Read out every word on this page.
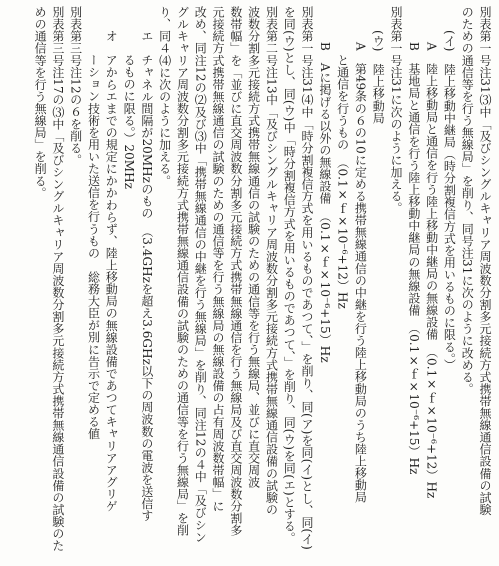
別表第一号注31⑶中「及びシングルキャリア周波数分割多元接続方式携帯無線通信設備の試験
のための通信等を行う無線局」を削り、同号注31に次のように改める。
(イ)　陸上移動中継局（時分割複信方式を用いるものに限る。）
A　陸上移動局と通信を行う陸上移動中継局の無線設備　（0.1×ｆ×10⁻⁶+12）Hz
B　基地局と通信を行う陸上移動中継局の無線設備　（0.1×ｆ×10⁻⁶+15）Hz
別表第一号注31に次のように加える。
(ウ)　陸上移動局
A　第49条の６の10に定める携帯無線通信の中継を行う陸上移動局のうち陸上移動局
と通信を行うもの　（0.1×ｆ×10⁻⁶+12）Hz
B　Aに掲げる以外の無線設備　（0.1×ｆ×10⁻⁶+15）Hz
別表第一号注31⑷中「時分割複信方式を用いるものであつて、」を削り、同(ア)を同(イ)とし、同(イ)
を同(ウ)とし、同(ウ)中「時分割複信方式を用いるものであつて、」を削り、同(ウ)を同(エ)とする。
別表第二号注13中「及びシングルキャリア周波数分割多元接続方式携帯無線通信設備の試験の
波数分割多元接続方式携帯無線通信の試験のための通信等を行う無線局、並びに直交周波
数帯幅」を「並びに直交周波数分割多元接続方式携帯無線通信を行う無線局及び直交周波数分割多
元接続方式携帯無線通信の試験のための通信等を行う無線局の無線設備の占有周波数帯幅」に
改め、同注12の⑵及び⑶中「携帯無線通信の中継を行う無線局」を削り、同注12の４中「及びシン
グルキャリア周波数分割多元接続方式携帯無線通信設備の試験のための通信等を行う無線局」を削
り、同４⑷に次のように加える。
エ　チャネル間隔が20MHzのもの　（3.4GHzを超え3.6GHz以下の周波数の電波を送信す
るものに限る。）20MHz
オ　アからエまでの規定にかかわらず、陸上移動局の無線設備であつてキャリアアグリゲ
ーション技術を用いた送信を行うもの　総務大臣が別に告示で定める値
別表第三号注12の６を削る。
別表第三号注17の⑶中「及びシングルキャリア周波数分割多元接続方式携帯無線通信設備の試験のた
めの通信等を行う無線局」を削る。
